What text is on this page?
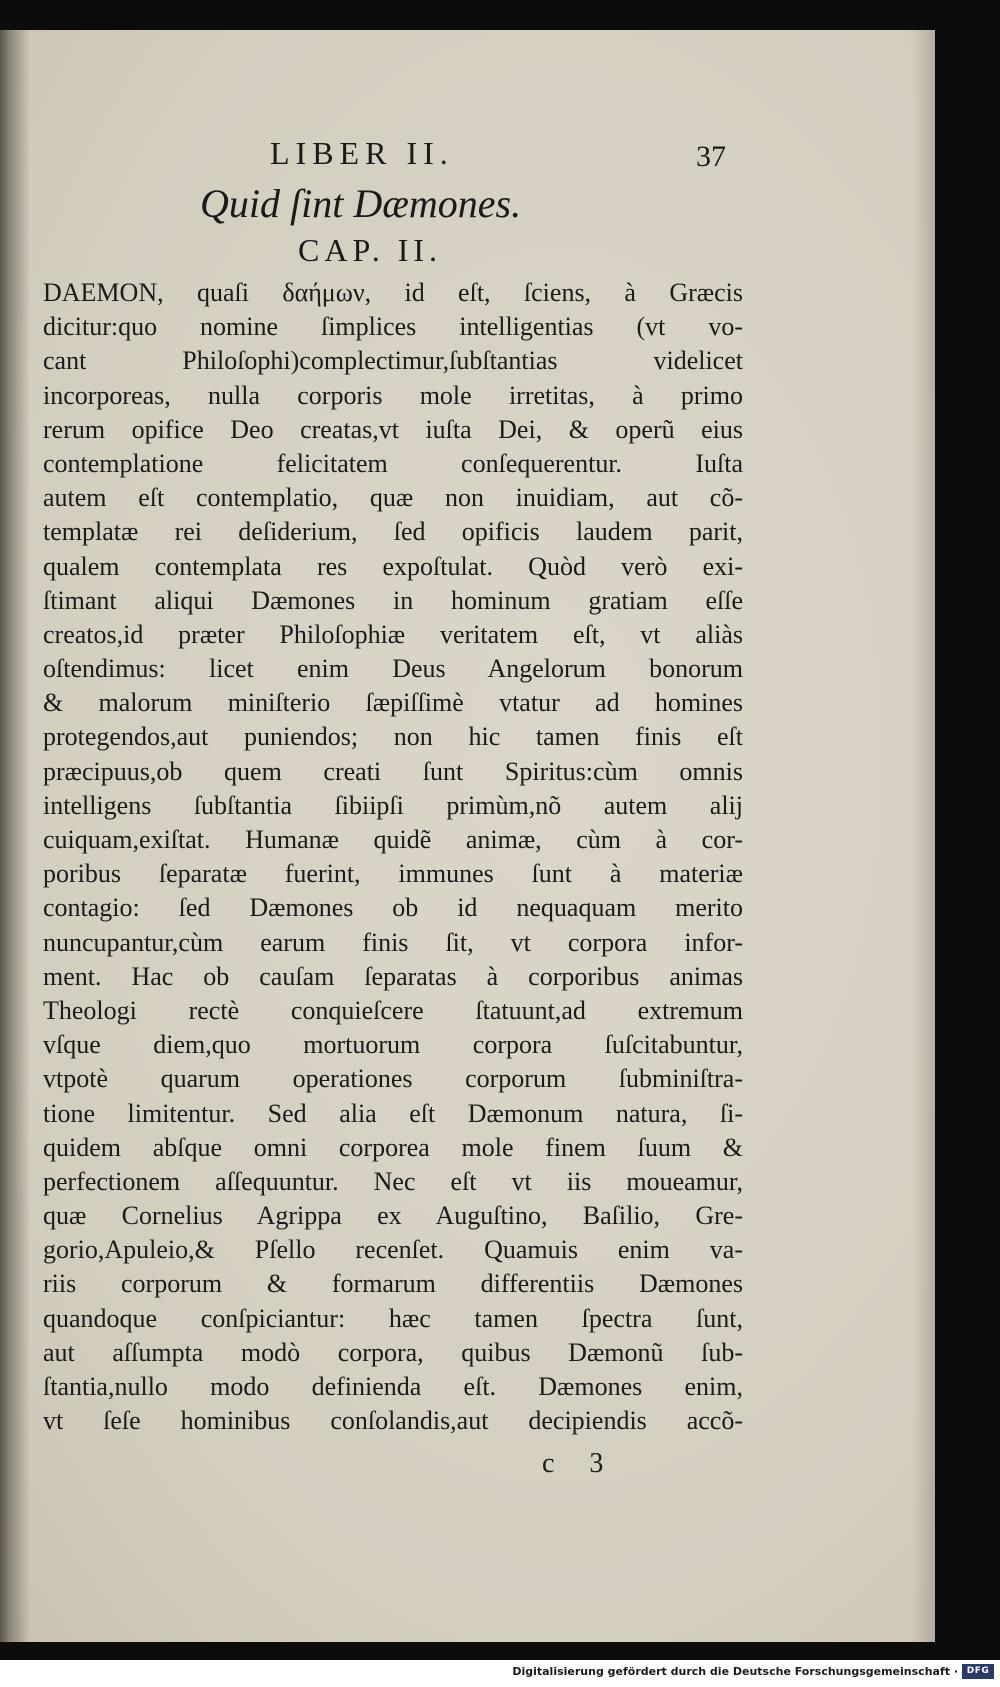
LIBER II.	37
Quid ſint Dæmones.
CAP. II.
DAEMON, quaſi δαήμων, id eſt, ſciens, à Græcis
dicitur:quo nomine ſimplices intelligentias (vt vo-
cant Philoſophi)complectimur,ſubſtantias videlicet
incorporeas, nulla corporis mole irretitas, à primo
rerum opifice Deo creatas,vt iuſta Dei, & operũ eius
contemplatione felicitatem conſequerentur. Iuſta
autem eſt contemplatio, quæ non inuidiam, aut cõ-
templatæ rei deſiderium, ſed opificis laudem parit,
qualem contemplata res expoſtulat. Quòd verò exi-
ſtimant aliqui Dæmones in hominum gratiam eſſe
creatos,id præter Philoſophiæ veritatem eſt, vt aliàs
oſtendimus: licet enim Deus Angelorum bonorum
& malorum miniſterio ſæpiſſimè vtatur ad homines
protegendos,aut puniendos; non hic tamen finis eſt
præcipuus,ob quem creati ſunt Spiritus:cùm omnis
intelligens ſubſtantia ſibiipſi primùm,nõ autem alij
cuiquam,exiſtat. Humanæ quidẽ animæ, cùm à cor-
poribus ſeparatæ fuerint, immunes ſunt à materiæ
contagio: ſed Dæmones ob id nequaquam merito
nuncupantur,cùm earum finis ſit, vt corpora infor-
ment. Hac ob cauſam ſeparatas à corporibus animas
Theologi rectè conquieſcere ſtatuunt,ad extremum
vſque diem,quo mortuorum corpora ſuſcitabuntur,
vtpotè quarum operationes corporum ſubminiſtra-
tione limitentur. Sed alia eſt Dæmonum natura, ſi-
quidem abſque omni corporea mole finem ſuum &
perfectionem aſſequuntur. Nec eſt vt iis moueamur,
quæ Cornelius Agrippa ex Auguſtino, Baſilio, Gre-
gorio,Apuleio,& Pſello recenſet. Quamuis enim va-
riis corporum & formarum differentiis Dæmones
quandoque conſpiciantur: hæc tamen ſpectra ſunt,
aut aſſumpta modò corpora, quibus Dæmonũ ſub-
ſtantia,nullo modo definienda eſt. Dæmones enim,
vt ſeſe hominibus conſolandis,aut decipiendis accõ-
c 3
Digitalisierung gefördert durch die Deutsche Forschungsgemeinschaft · DFG
